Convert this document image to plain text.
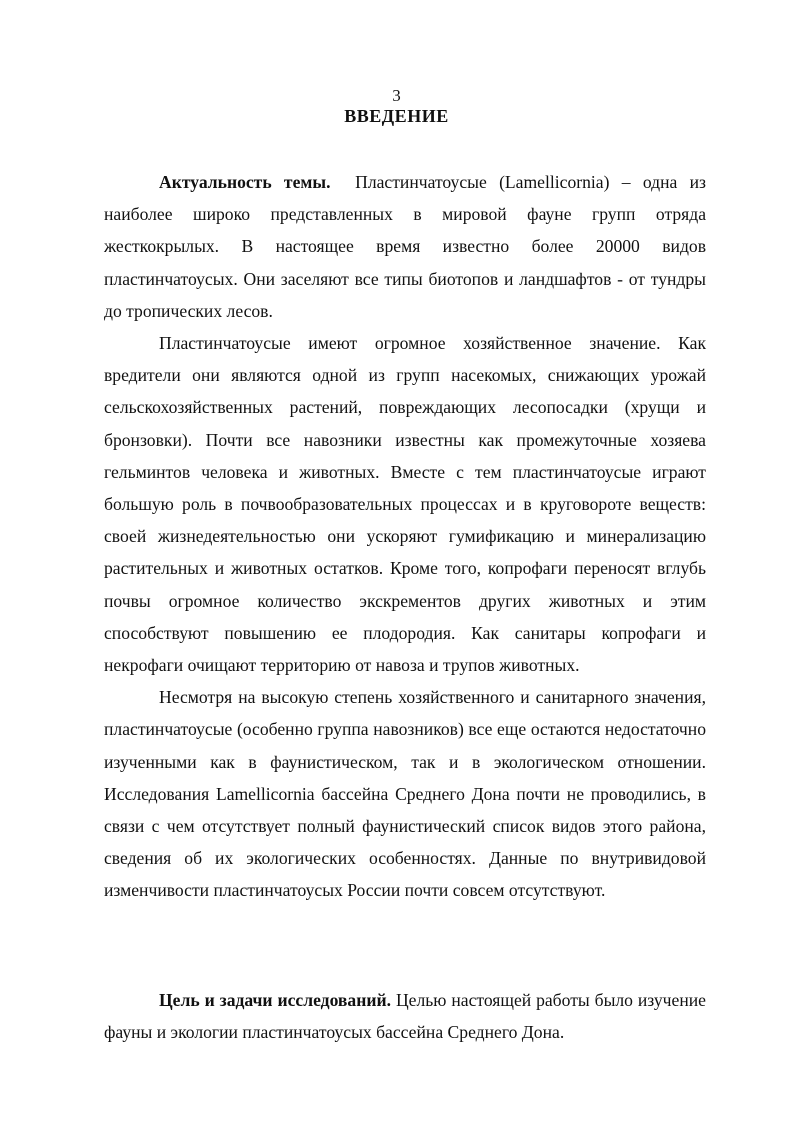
3
ВВЕДЕНИЕ

Актуальность темы. Пластинчатоусые (Lamellicornia) – одна из наиболее широко представленных в мировой фауне групп отряда жесткокрылых. В настоящее время известно более 20000 видов пластинчатоусых. Они заселяют все типы биотопов и ландшафтов - от тундры до тропических лесов.

Пластинчатоусые имеют огромное хозяйственное значение. Как вредители они являются одной из групп насекомых, снижающих урожай сельскохозяйственных растений, повреждающих лесопосадки (хрущи и бронзовки). Почти все навозники известны как промежуточные хозяева гельминтов человека и животных. Вместе с тем пластинчатоусые играют большую роль в почвообразовательных процессах и в круговороте веществ: своей жизнедеятельностью они ускоряют гумификацию и минерализацию растительных и животных остатков. Кроме того, копрофаги переносят вглубь почвы огромное количество экскрементов других животных и этим способствуют повышению ее плодородия. Как санитары копрофаги и некрофаги очищают территорию от навоза и трупов животных.

Несмотря на высокую степень хозяйственного и санитарного значения, пластинчатоусые (особенно группа навозников) все еще остаются недостаточно изученными как в фаунистическом, так и в экологическом отношении. Исследования Lamellicornia бассейна Среднего Дона почти не проводились, в связи с чем отсутствует полный фаунистический список видов этого района, сведения об их экологических особенностях. Данные по внутривидовой изменчивости пластинчатоусых России почти совсем отсутствуют.

Цель и задачи исследований. Целью настоящей работы было изучение фауны и экологии пластинчатоусых бассейна Среднего Дона.
